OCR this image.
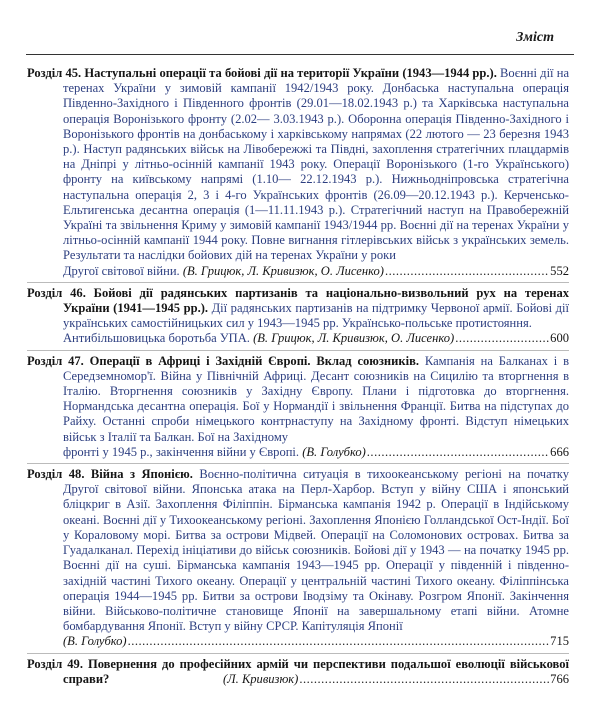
Зміст

Розділ 45. Наступальні операції та бойові дії на території України (1943—1944 рр.). Воєнні дії на теренах України у зимовій кампанії 1942/1943 року. Донбаська наступальна операція Південно-Західного і Південного фронтів (29.01—18.02.1943 р.) та Харківська наступальна операція Воронізького фронту (2.02— 3.03.1943 р.). Оборонна операція Південно-Західного і Воронізького фронтів на донбаському і харківському напрямах (22 лютого — 23 березня 1943 р.). Наступ радянських військ на Лівобережжі та Півдні, захоплення стратегічних плацдармів на Дніпрі у літньо-осінній кампанії 1943 року. Операції Воронізького (1-го Українського) фронту на київському напрямі (1.10— 22.12.1943 р.). Нижньодніпровська стратегічна наступальна операція 2, 3 і 4-го Українських фронтів (26.09—20.12.1943 р.). Керченсько-Ельтигенська десантна операція (1—11.11.1943 р.). Стратегічний наступ на Правобережній Україні та звільнення Криму у зимовій кампанії 1943/1944 рр. Воєнні дії на теренах України у літньо-осінній кампанії 1944 року. Повне вигнання гітлерівських військ з українських земель. Результати та наслідки бойових дій на теренах України у роки

Другої світової війни. (В. Грицюк, Л. Кривизюк, О. Лисенко) .....	552

Розділ 46. Бойові дії радянських партизанів та національно-визвольний рух на теренах України (1941—1945 рр.). Дії радянських партизанів на підтримку Червоної армії. Бойові дії українських самостійницьких сил у 1943—1945 рр. Українсько-польське протистояння.

Антибільшовицька боротьба УПА. (В. Грицюк, Л. Кривизюк, О. Лисенко) .....	600

Розділ 47. Операції в Африці і Західній Європі. Вклад союзників. Кампанія на Балканах і в Середземномор'ї. Війна у Північній Африці. Десант союзників на Сицилію та вторгнення в Італію. Вторгнення союзників у Західну Європу. Плани і підготовка до вторгнення. Нормандська десантна операція. Бої у Нормандії і звільнення Франції. Битва на підступах до Райху. Останні спроби німецького контрнаступу на Західному фронті. Відступ німецьких військ з Італії та Балкан. Бої на Західному

фронті у 1945 р., закінчення війни у Європі. (В. Голубко) .....	666

Розділ 48. Війна з Японією. Воєнно-політична ситуація в тихоокеанському регіоні на початку Другої світової війни. Японська атака на Перл-Харбор. Вступ у війну США і японський бліцкриг в Азії. Захоплення Філіппін. Бірманська кампанія 1942 р. Операції в Індійському океані. Воєнні дії у Тихоокеанському регіоні. Захоплення Японією Голландської Ост-Індії. Бої у Кораловому морі. Битва за острови Мідвей. Операції на Соломонових островах. Битва за Гуадалканал. Перехід ініціативи до військ союзників. Бойові дії у 1943 — на початку 1945 рр. Воєнні дії на суші. Бірманська кампанія 1943—1945 рр. Операції у південній і південно-західній частині Тихого океану. Операції у центральній частині Тихого океану. Філіппінська операція 1944—1945 рр. Битви за острови Іводзіму та Окінаву. Розгром Японії. Закінчення війни. Військово-політичне становище Японії на завершальному етапі війни. Атомне бомбардування Японії. Вступ у війну СРСР. Капітуляція Японії

(В. Голубко) .....	715

Розділ 49. Повернення до професійних армій чи перспективи подальшої еволюції військової справи?	(Л. Кривизюк) .....	766
